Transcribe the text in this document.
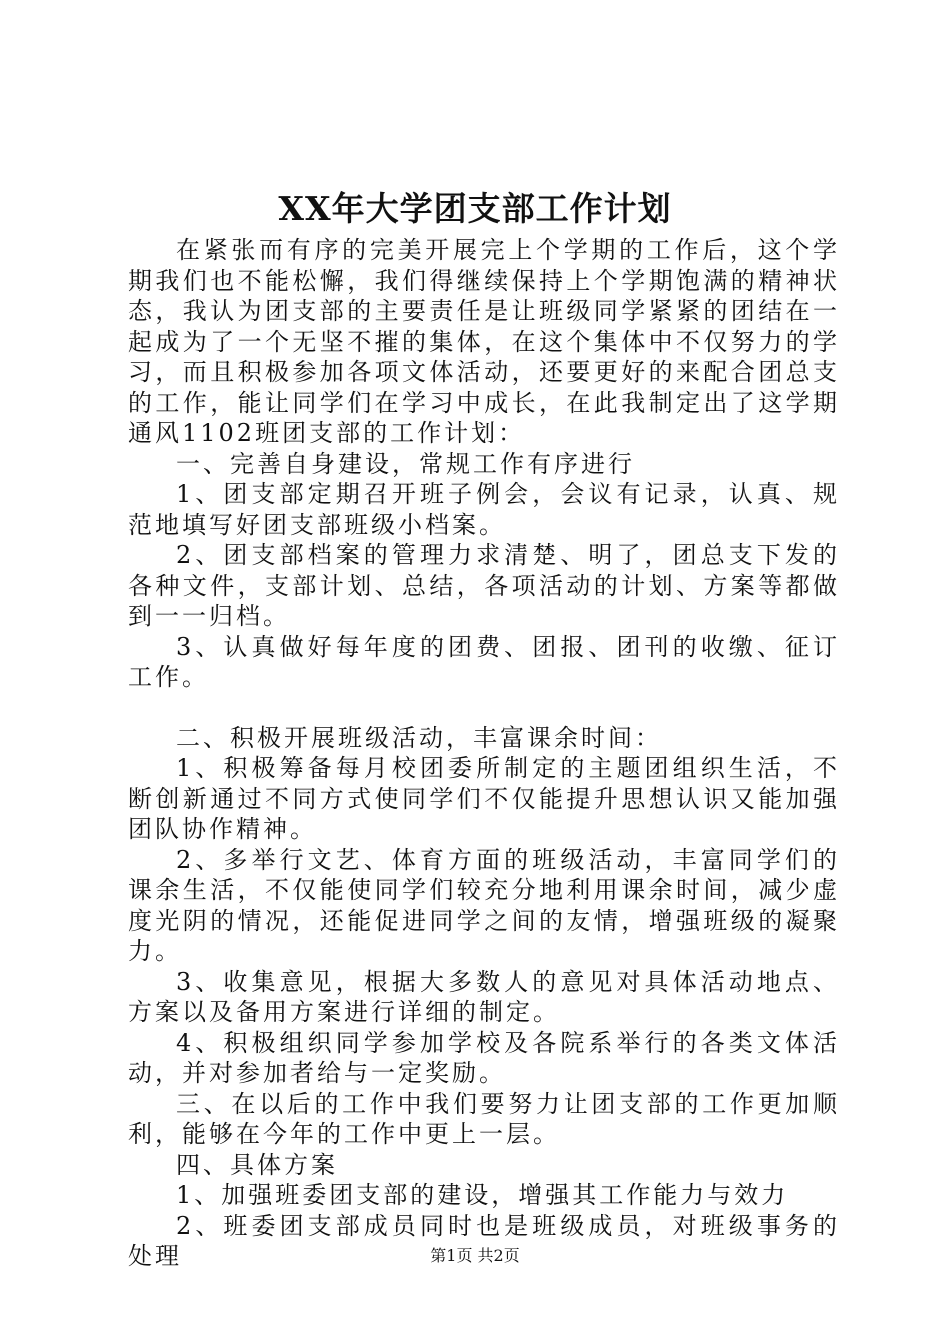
XX年大学团支部工作计划

在紧张而有序的完美开展完上个学期的工作后，这个学期我们也不能松懈，我们得继续保持上个学期饱满的精神状态，我认为团支部的主要责任是让班级同学紧紧的团结在一起成为了一个无坚不摧的集体，在这个集体中不仅努力的学习，而且积极参加各项文体活动，还要更好的来配合团总支的工作，能让同学们在学习中成长，在此我制定出了这学期通风1102班团支部的工作计划：

一、完善自身建设，常规工作有序进行

1、团支部定期召开班子例会，会议有记录，认真、规范地填写好团支部班级小档案。

2、团支部档案的管理力求清楚、明了，团总支下发的各种文件，支部计划、总结，各项活动的计划、方案等都做到一一归档。

3、认真做好每年度的团费、团报、团刊的收缴、征订工作。

二、积极开展班级活动，丰富课余时间：

1、积极筹备每月校团委所制定的主题团组织生活，不断创新通过不同方式使同学们不仅能提升思想认识又能加强团队协作精神。

2、多举行文艺、体育方面的班级活动，丰富同学们的课余生活，不仅能使同学们较充分地利用课余时间，减少虚度光阴的情况，还能促进同学之间的友情，增强班级的凝聚力。

3、收集意见，根据大多数人的意见对具体活动地点、方案以及备用方案进行详细的制定。

4、积极组织同学参加学校及各院系举行的各类文体活动，并对参加者给与一定奖励。

三、在以后的工作中我们要努力让团支部的工作更加顺利，能够在今年的工作中更上一层。

四、具体方案

1、加强班委团支部的建设，增强其工作能力与效力

2、班委团支部成员同时也是班级成员，对班级事务的处理	第1页 共2页
